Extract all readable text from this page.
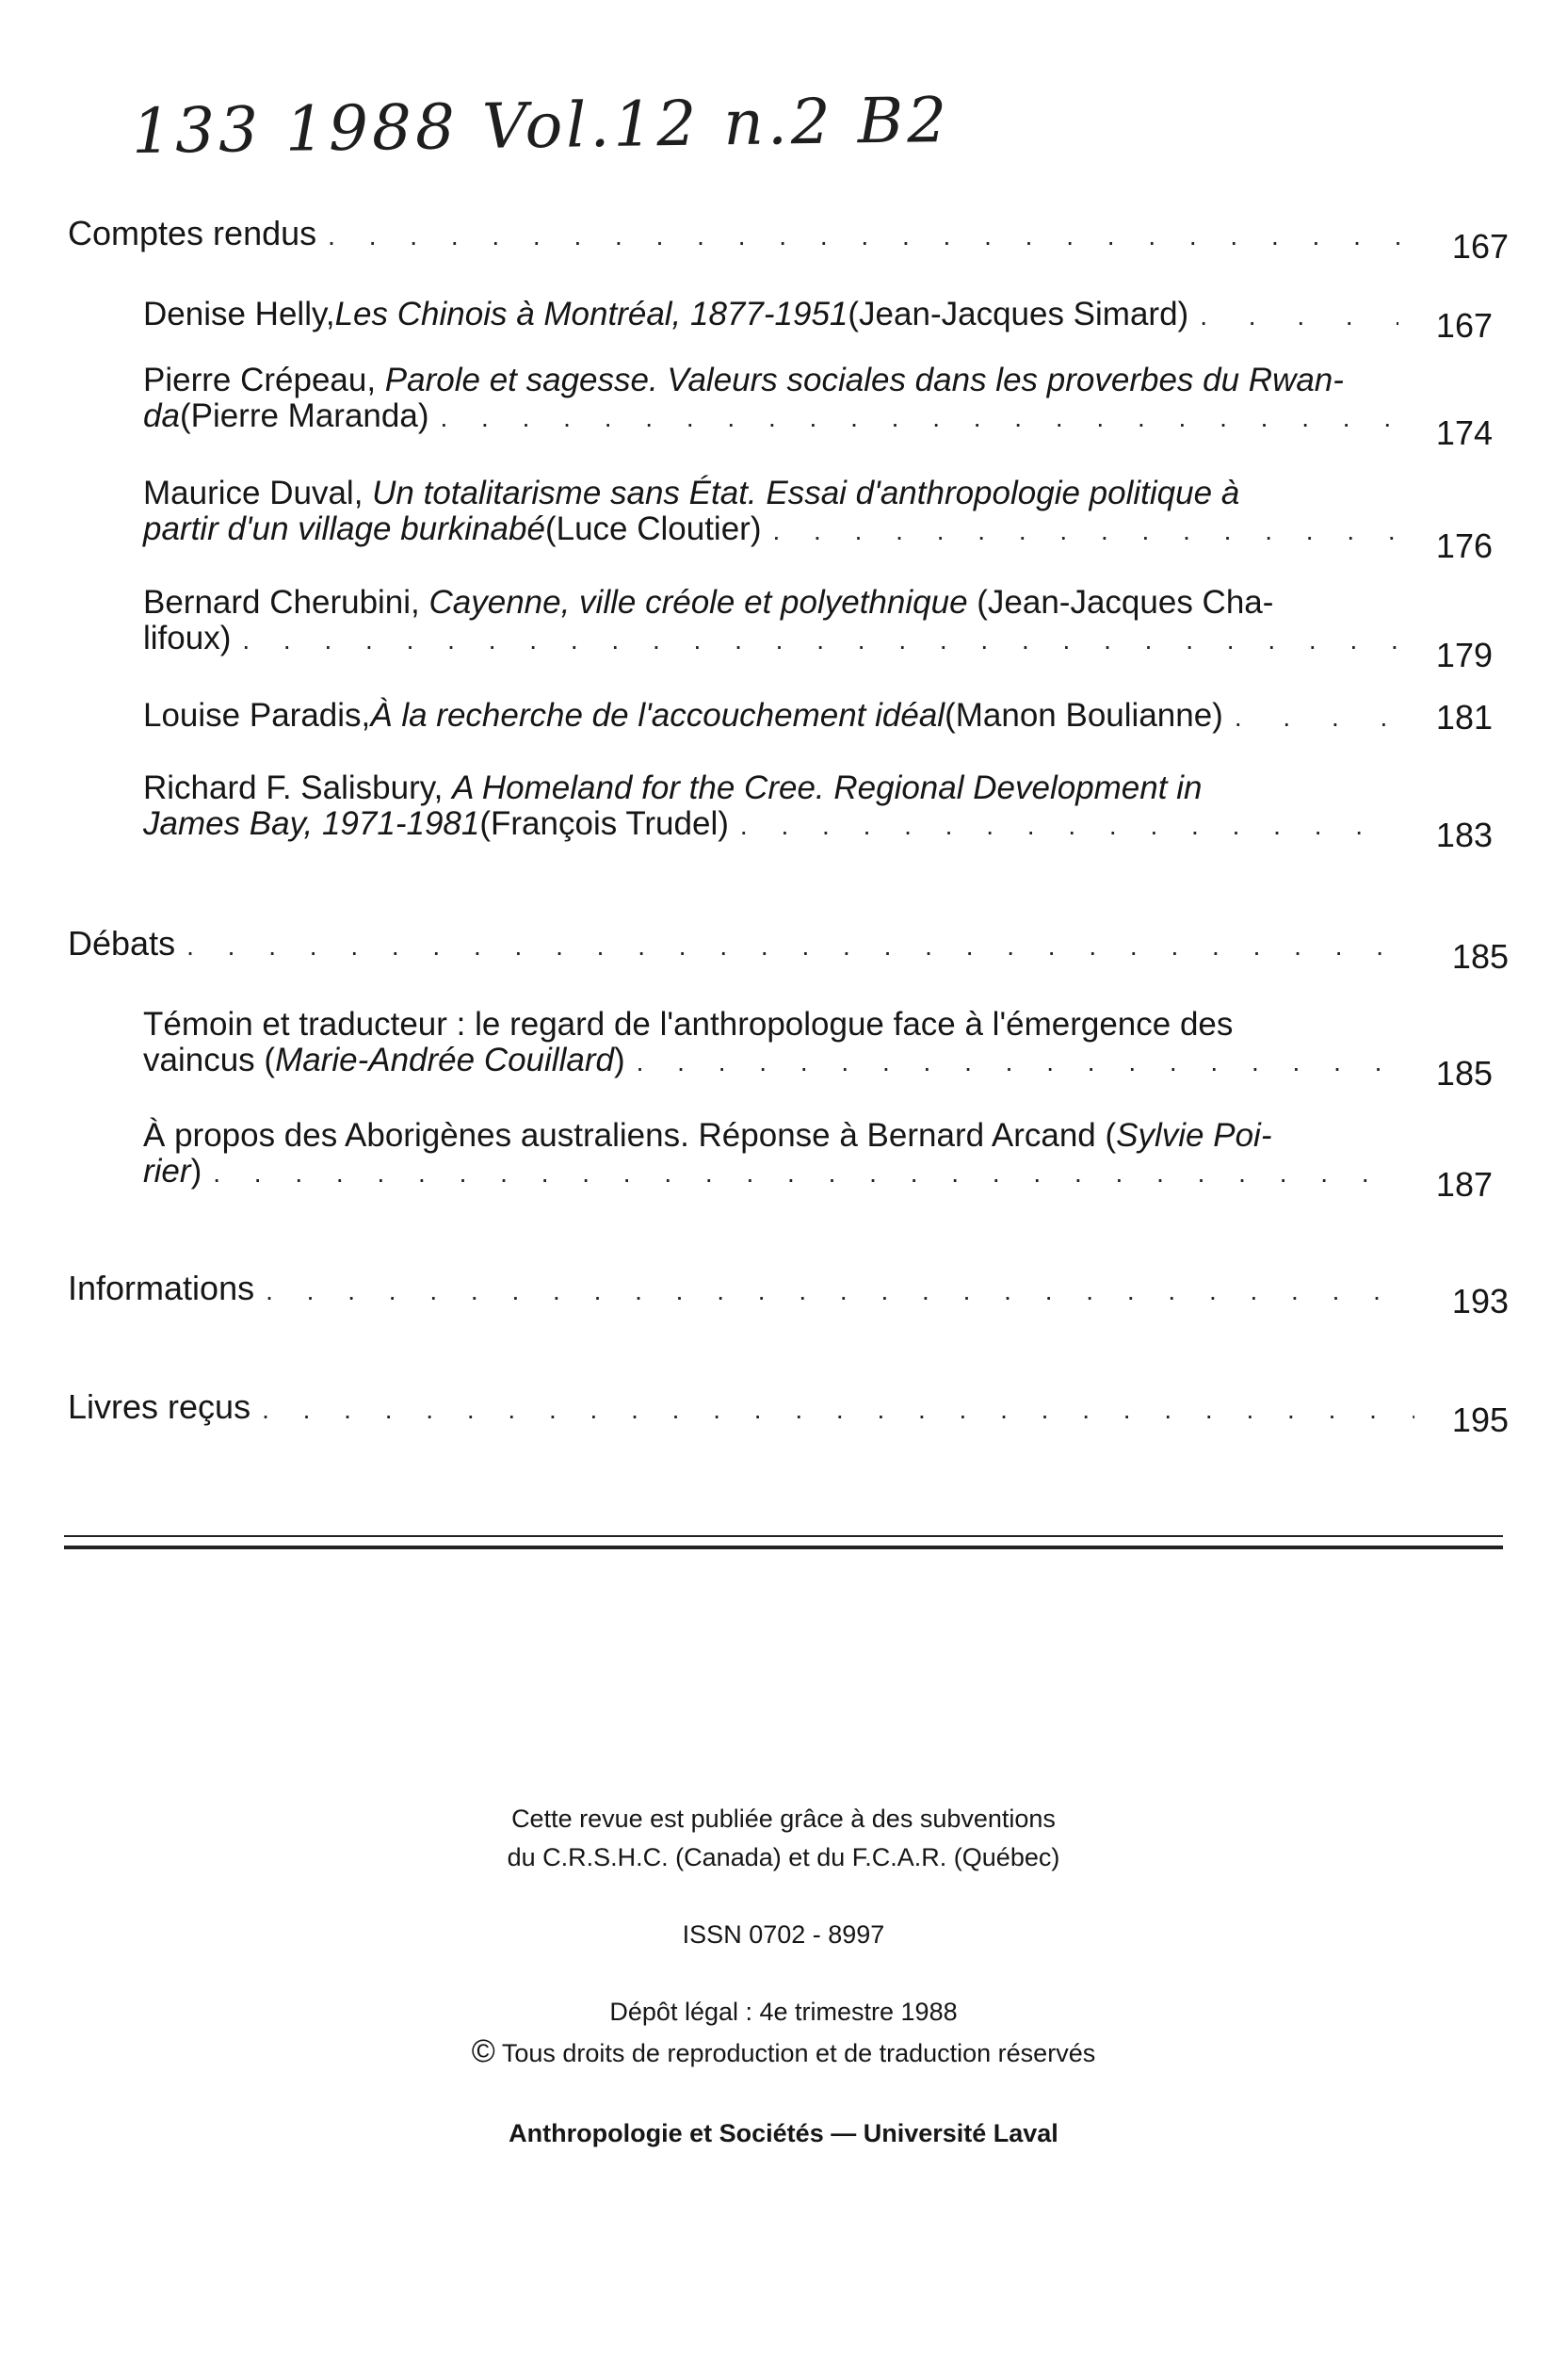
133 1988 Vol.12 n.2 B2
Comptes rendus . . .	167
Denise Helly, Les Chinois à Montréal, 1877-1951 (Jean-Jacques Simard) . . .	167
Pierre Crépeau, Parole et sagesse. Valeurs sociales dans les proverbes du Rwan-
da (Pierre Maranda) . . .	174
Maurice Duval, Un totalitarisme sans État. Essai d'anthropologie politique à
partir d'un village burkinabé (Luce Cloutier) . . .	176
Bernard Cherubini, Cayenne, ville créole et polyethnique (Jean-Jacques Cha-
lifoux) . . .	179
Louise Paradis, À la recherche de l'accouchement idéal (Manon Boulianne) . . .	181
Richard F. Salisbury, A Homeland for the Cree. Regional Development in
James Bay, 1971-1981 (François Trudel) . . .	183
Débats . . .	185
Témoin et traducteur : le regard de l'anthropologue face à l'émergence des
vaincus ( Marie-Andrée Couillard ) . . .	185
À propos des Aborigènes australiens. Réponse à Bernard Arcand (Sylvie Poi-
rier ) . . .	187
Informations . . .	193
Livres reçus . . .	195
Cette revue est publiée grâce à des subventions
du C.R.S.H.C. (Canada) et du F.C.A.R. (Québec)
ISSN 0702 - 8997
Dépôt légal : 4e trimestre 1988
© Tous droits de reproduction et de traduction réservés
Anthropologie et Sociétés — Université Laval
